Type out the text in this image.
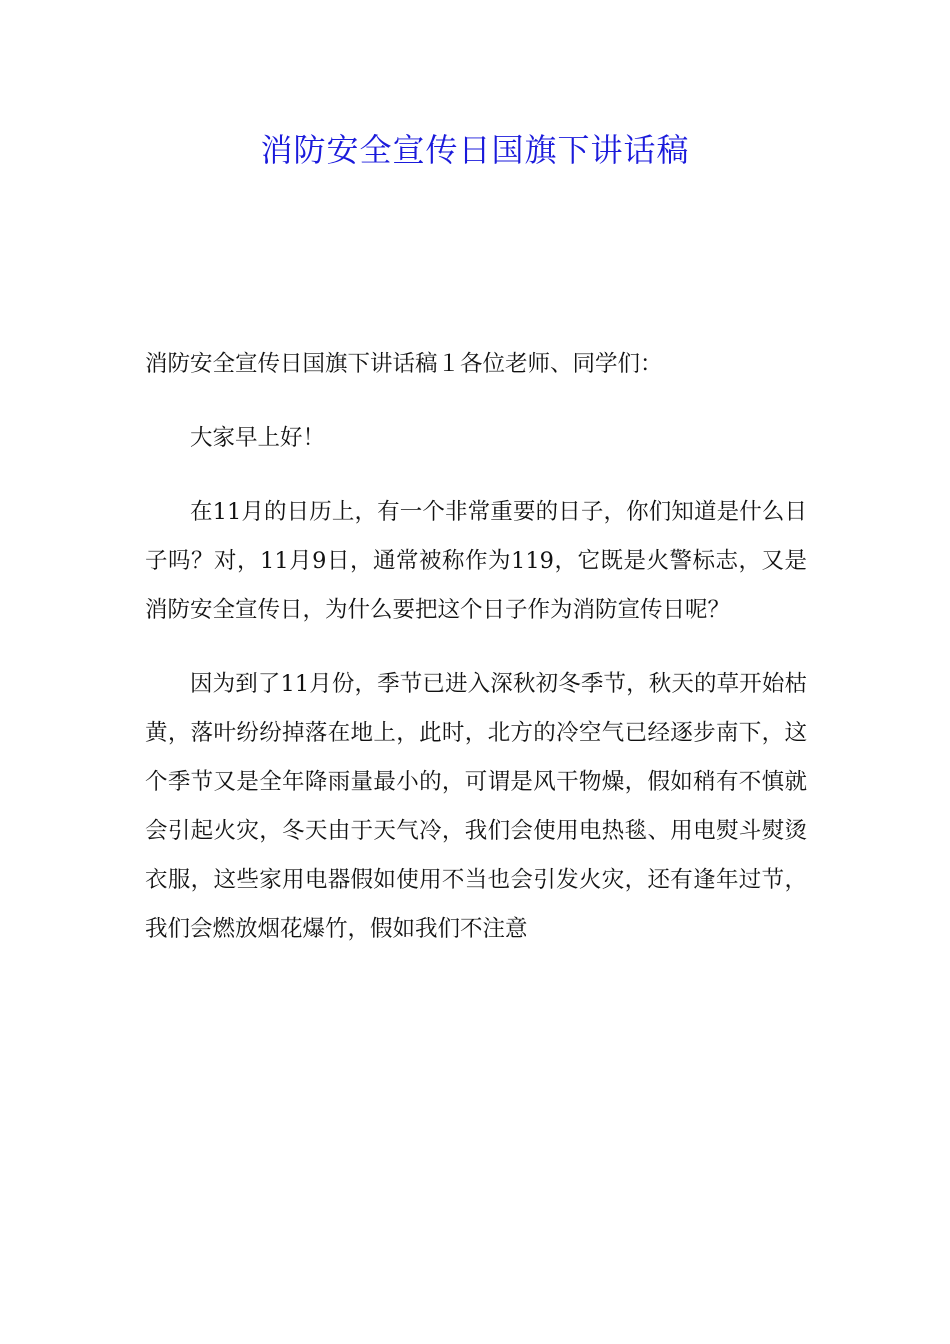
消防安全宣传日国旗下讲话稿

消防安全宣传日国旗下讲话稿１各位老师、同学们：

大家早上好！

在11月的日历上，有一个非常重要的日子，你们知道是什么日子吗？对，11月9日，通常被称作为119，它既是火警标志，又是消防安全宣传日，为什么要把这个日子作为消防宣传日呢？

因为到了11月份，季节已进入深秋初冬季节，秋天的草开始枯黄，落叶纷纷掉落在地上，此时，北方的冷空气已经逐步南下，这个季节又是全年降雨量最小的，可谓是风干物燥，假如稍有不慎就会引起火灾，冬天由于天气冷，我们会使用电热毯、用电熨斗熨烫衣服，这些家用电器假如使用不当也会引发火灾，还有逢年过节，我们会燃放烟花爆竹，假如我们不注意
